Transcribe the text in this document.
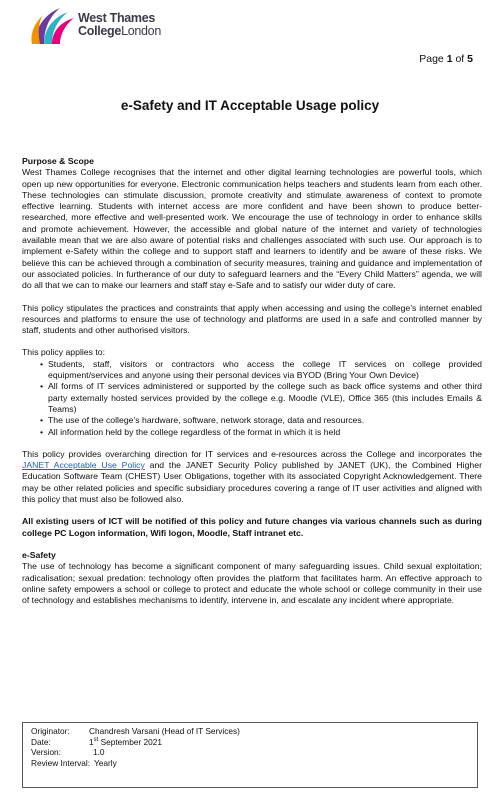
West Thames
CollegeLondon
Page 1 of 5
e-Safety and IT Acceptable Usage policy
Purpose & Scope
West Thames College recognises that the internet and other digital learning technologies are powerful tools, which open up new opportunities for everyone. Electronic communication helps teachers and students learn from each other. These technologies can stimulate discussion, promote creativity and stimulate awareness of context to promote effective learning. Students with internet access are more confident and have been shown to produce better-researched, more effective and well-presented work. We encourage the use of technology in order to enhance skills and promote achievement. However, the accessible and global nature of the internet and variety of technologies available mean that we are also aware of potential risks and challenges associated with such use. Our approach is to implement e-Safety within the college and to support staff and learners to identify and be aware of these risks. We believe this can be achieved through a combination of security measures, training and guidance and implementation of our associated policies. In furtherance of our duty to safeguard learners and the “Every Child Matters” agenda, we will do all that we can to make our learners and staff stay e-Safe and to satisfy our wider duty of care.
This policy stipulates the practices and constraints that apply when accessing and using the college’s internet enabled resources and platforms to ensure the use of technology and platforms are used in a safe and controlled manner by staff, students and other authorised visitors.
This policy applies to:
• Students, staff, visitors or contractors who access the college IT services on college provided equipment/services and anyone using their personal devices via BYOD (Bring Your Own Device)
• All forms of IT services administered or supported by the college such as back office systems and other third party externally hosted services provided by the college e.g. Moodle (VLE), Office 365 (this includes Emails & Teams)
• The use of the college’s hardware, software, network storage, data and resources.
• All information held by the college regardless of the format in which it is held
This policy provides overarching direction for IT services and e-resources across the College and incorporates the JANET Acceptable Use Policy and the JANET Security Policy published by JANET (UK), the Combined Higher Education Software Team (CHEST) User Obligations, together with its associated Copyright Acknowledgement. There may be other related policies and specific subsidiary procedures covering a range of IT user activities and aligned with this policy that must also be followed also.
All existing users of ICT will be notified of this policy and future changes via various channels such as during college PC Logon information, Wifi logon, Moodle, Staff intranet etc.
e-Safety
The use of technology has become a significant component of many safeguarding issues. Child sexual exploitation; radicalisation; sexual predation: technology often provides the platform that facilitates harm. An effective approach to online safety empowers a school or college to protect and educate the whole school or college community in their use of technology and establishes mechanisms to identify, intervene in, and escalate any incident where appropriate.
Originator:	Chandresh Varsani (Head of IT Services)
Date:	1st September 2021
Version:	1.0
Review Interval: Yearly
